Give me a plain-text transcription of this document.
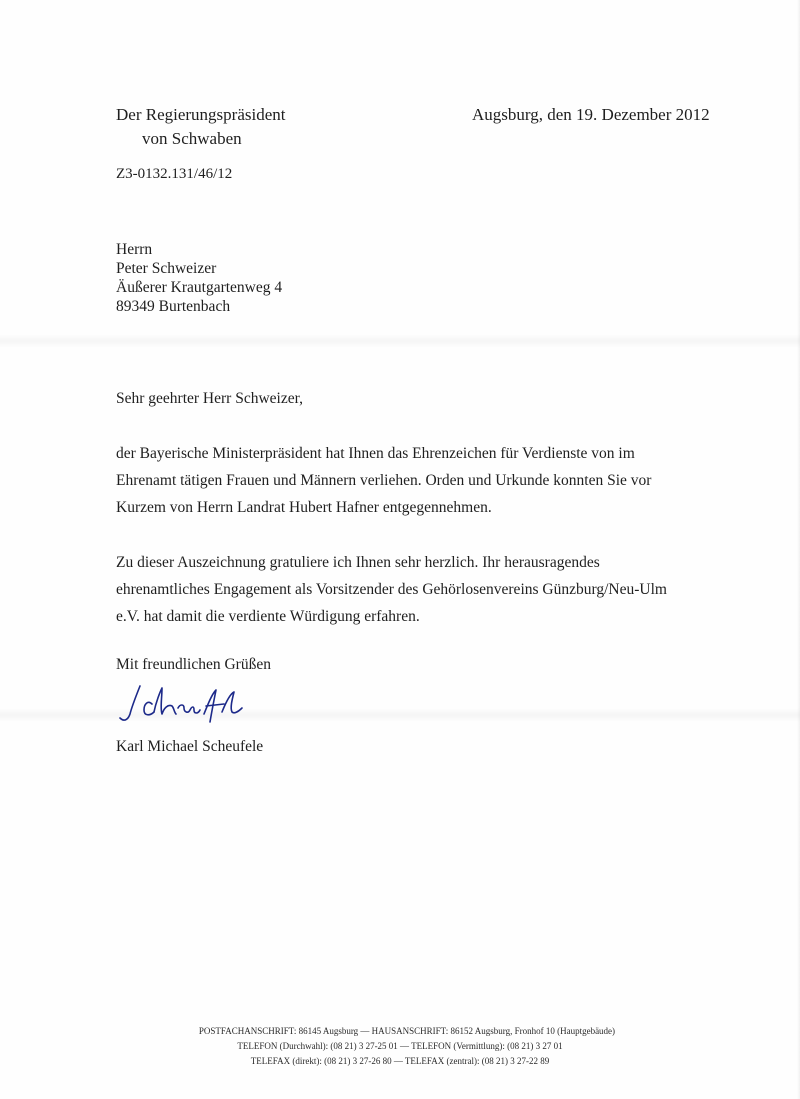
Der Regierungspräsident
von Schwaben
Augsburg, den 19. Dezember 2012
Z3-0132.131/46/12
Herrn
Peter Schweizer
Äußerer Krautgartenweg 4
89349 Burtenbach
Sehr geehrter Herr Schweizer,
der Bayerische Ministerpräsident hat Ihnen das Ehrenzeichen für Verdienste von im
Ehrenamt tätigen Frauen und Männern verliehen. Orden und Urkunde konnten Sie vor
Kurzem von Herrn Landrat Hubert Hafner entgegennehmen.
Zu dieser Auszeichnung gratuliere ich Ihnen sehr herzlich. Ihr herausragendes
ehrenamtliches Engagement als Vorsitzender des Gehörlosenvereins Günzburg/Neu-Ulm
e.V. hat damit die verdiente Würdigung erfahren.
Mit freundlichen Grüßen
Karl Michael Scheufele
POSTFACHANSCHRIFT: 86145 Augsburg — HAUSANSCHRIFT: 86152 Augsburg, Fronhof 10 (Hauptgebäude)
TELEFON (Durchwahl): (08 21) 3 27-25 01 — TELEFON (Vermittlung): (08 21) 3 27 01
TELEFAX (direkt): (08 21) 3 27-26 80 — TELEFAX (zentral): (08 21) 3 27-22 89
